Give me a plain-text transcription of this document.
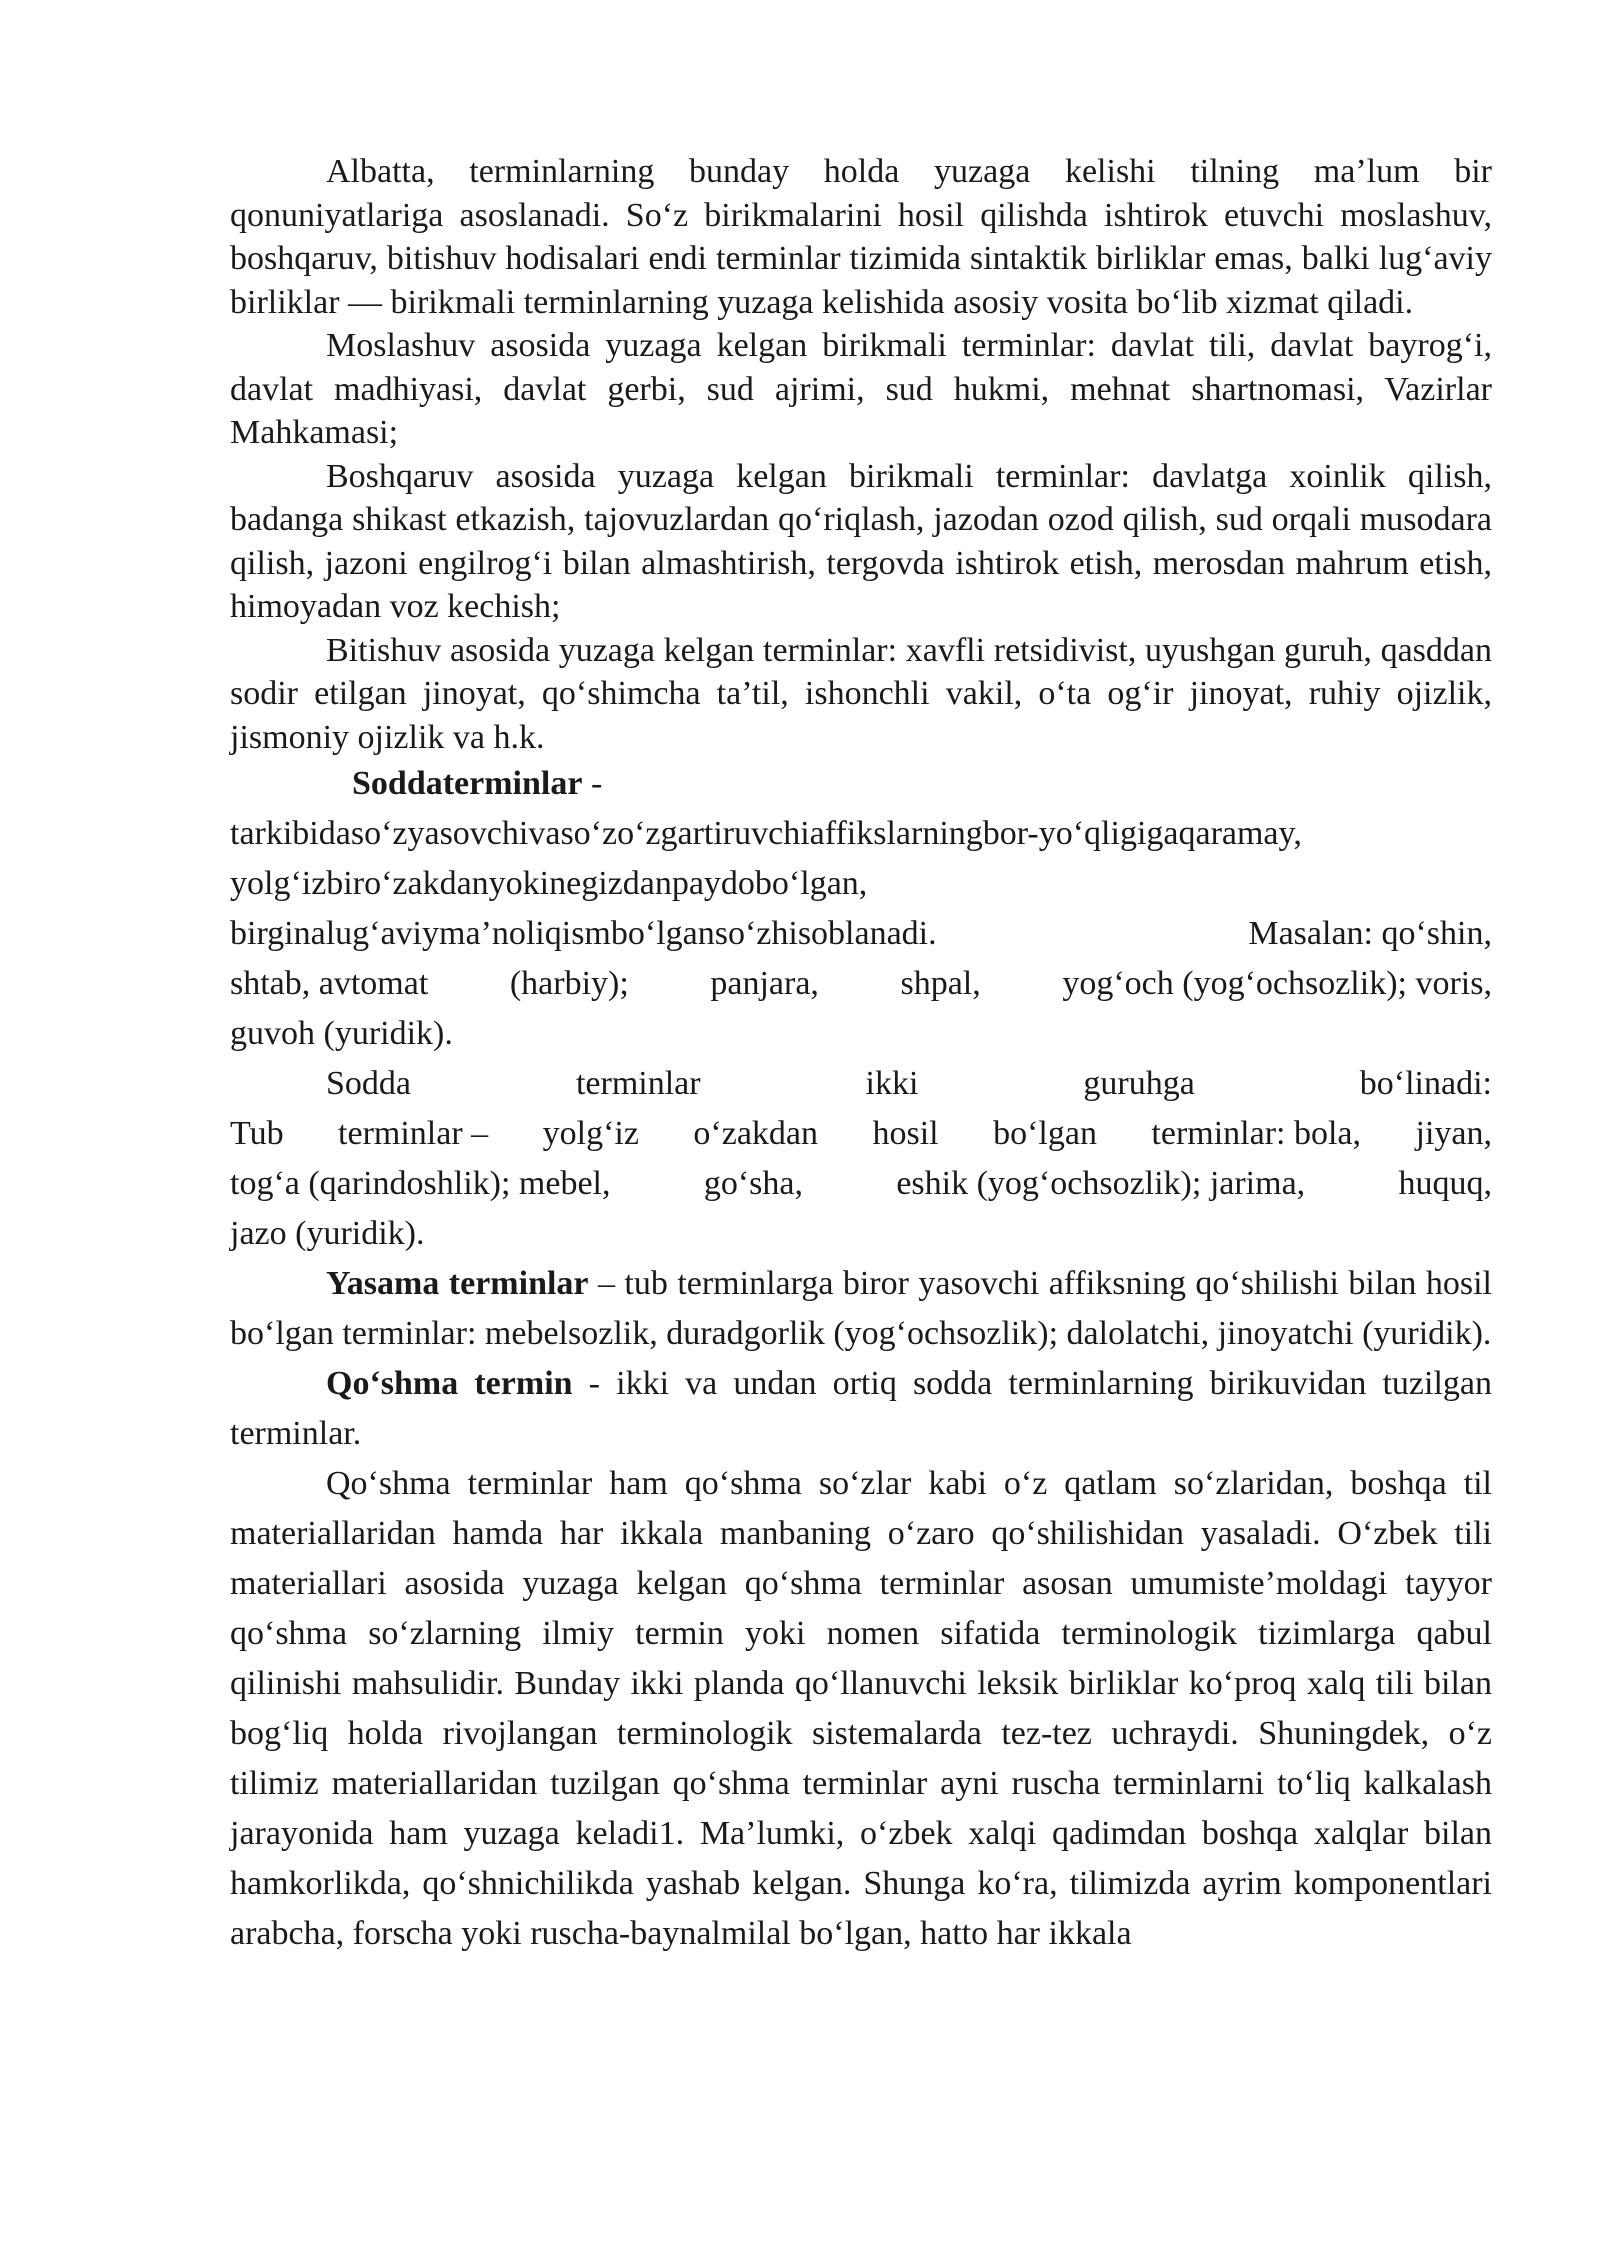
Albatta, terminlarning bunday holda yuzaga kelishi tilning ma’lum bir qonuniyatlariga asoslanadi. So‘z birikmalarini hosil qilishda ishtirok etuvchi moslashuv, boshqaruv, bitishuv hodisalari endi terminlar tizimida sintaktik birliklar emas, balki lug‘aviy birliklar — birikmali terminlarning yuzaga kelishida asosiy vosita bo‘lib xizmat qiladi.

Moslashuv asosida yuzaga kelgan birikmali terminlar: davlat tili, davlat bayrog‘i, davlat madhiyasi, davlat gerbi, sud ajrimi, sud hukmi, mehnat shartnomasi, Vazirlar Mahkamasi;

Boshqaruv asosida yuzaga kelgan birikmali terminlar: davlatga xoinlik qilish, badanga shikast etkazish, tajovuzlardan qo‘riqlash, jazodan ozod qilish, sud orqali musodara qilish, jazoni engilrog‘i bilan almashtirish, tergovda ishtirok etish, merosdan mahrum etish, himoyadan voz kechish;

Bitishuv asosida yuzaga kelgan terminlar: xavfli retsidivist, uyushgan guruh, qasddan sodir etilgan jinoyat, qo‘shimcha ta’til, ishonchli vakil, o‘ta og‘ir jinoyat, ruhiy ojizlik, jismoniy ojizlik va h.k.

Soddaterminlar -

tarkibidaso‘zyasovchivaso‘zo‘zgartiruvchiaffikslarningbor-yo‘qligigaqaramay,

yolg‘izbiro‘zakdanyokinegizdanpaydobo‘lgan,

birginalug‘aviyma’noliqismbo‘lganso‘zhisoblanadi.	Masalan: qo‘shin,
shtab, avtomat (harbiy); panjara, shpal, yog‘och (yog‘ochsozlik); voris,

guvoh (yuridik).

Sodda	terminlar	ikki	guruhga	bo‘linadi:
Tub terminlar – yolg‘iz o‘zakdan hosil bo‘lgan terminlar: bola, jiyan,
tog‘a (qarindoshlik); mebel,	go‘sha,	eshik (yog‘ochsozlik); jarima,	huquq,

jazo (yuridik).

Yasama terminlar – tub terminlarga biror yasovchi affiksning qo‘shilishi bilan hosil bo‘lgan terminlar: mebelsozlik, duradgorlik (yog‘ochsozlik); dalolatchi, jinoyatchi (yuridik).

Qo‘shma termin - ikki va undan ortiq sodda terminlarning birikuvidan tuzilgan terminlar.

Qo‘shma terminlar ham qo‘shma so‘zlar kabi o‘z qatlam so‘zlaridan, boshqa til materiallaridan hamda har ikkala manbaning o‘zaro qo‘shilishidan yasaladi. O‘zbek tili materiallari asosida yuzaga kelgan qo‘shma terminlar asosan umumiste’moldagi tayyor qo‘shma so‘zlarning ilmiy termin yoki nomen sifatida terminologik tizimlarga qabul qilinishi mahsulidir. Bunday ikki planda qo‘llanuvchi leksik birliklar ko‘proq xalq tili bilan bog‘liq holda rivojlangan terminologik sistemalarda tez-tez uchraydi. Shuningdek, o‘z tilimiz materiallaridan tuzilgan qo‘shma terminlar ayni ruscha terminlarni to‘liq kalkalash jarayonida ham yuzaga keladi1. Ma’lumki, o‘zbek xalqi qadimdan boshqa xalqlar bilan hamkorlikda, qo‘shnichilikda yashab kelgan. Shunga ko‘ra, tilimizda ayrim komponentlari arabcha, forscha yoki ruscha-baynalmilal bo‘lgan, hatto har ikkala
